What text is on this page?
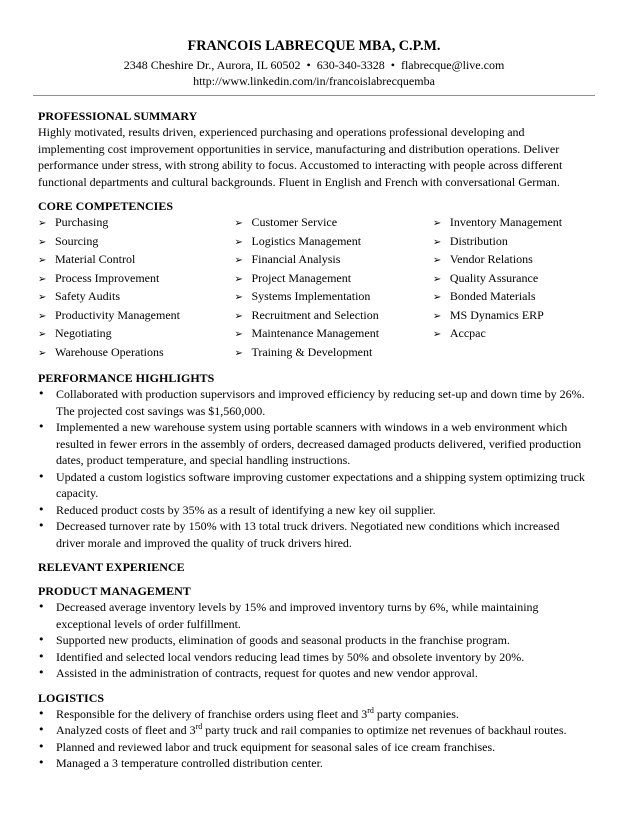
FRANCOIS LABRECQUE MBA, C.P.M.

2348 Cheshire Dr., Aurora, IL 60502 • 630-340-3328 • flabrecque@live.com

http://www.linkedin.com/in/francoislabrecquemba

PROFESSIONAL SUMMARY

Highly motivated, results driven, experienced purchasing and operations professional developing and implementing cost improvement opportunities in service, manufacturing and distribution operations. Deliver performance under stress, with strong ability to focus. Accustomed to interacting with people across different functional departments and cultural backgrounds. Fluent in English and French with conversational German.

CORE COMPETENCIES

➢ Purchasing
➢ Sourcing
➢ Material Control
➢ Process Improvement
➢ Safety Audits
➢ Productivity Management
➢ Negotiating
➢ Warehouse Operations
➢ Customer Service
➢ Logistics Management
➢ Financial Analysis
➢ Project Management
➢ Systems Implementation
➢ Recruitment and Selection
➢ Maintenance Management
➢ Training & Development
➢ Inventory Management
➢ Distribution
➢ Vendor Relations
➢ Quality Assurance
➢ Bonded Materials
➢ MS Dynamics ERP
➢ Accpac

PERFORMANCE HIGHLIGHTS

• Collaborated with production supervisors and improved efficiency by reducing set-up and down time by 26%. The projected cost savings was $1,560,000.
• Implemented a new warehouse system using portable scanners with windows in a web environment which resulted in fewer errors in the assembly of orders, decreased damaged products delivered, verified production dates, product temperature, and special handling instructions.
• Updated a custom logistics software improving customer expectations and a shipping system optimizing truck capacity.
• Reduced product costs by 35% as a result of identifying a new key oil supplier.
• Decreased turnover rate by 150% with 13 total truck drivers. Negotiated new conditions which increased driver morale and improved the quality of truck drivers hired.

RELEVANT EXPERIENCE

PRODUCT MANAGEMENT

• Decreased average inventory levels by 15% and improved inventory turns by 6%, while maintaining exceptional levels of order fulfillment.
• Supported new products, elimination of goods and seasonal products in the franchise program.
• Identified and selected local vendors reducing lead times by 50% and obsolete inventory by 20%.
• Assisted in the administration of contracts, request for quotes and new vendor approval.

LOGISTICS

• Responsible for the delivery of franchise orders using fleet and 3rd party companies.
• Analyzed costs of fleet and 3rd party truck and rail companies to optimize net revenues of backhaul routes.
• Planned and reviewed labor and truck equipment for seasonal sales of ice cream franchises.
• Managed a 3 temperature controlled distribution center.
